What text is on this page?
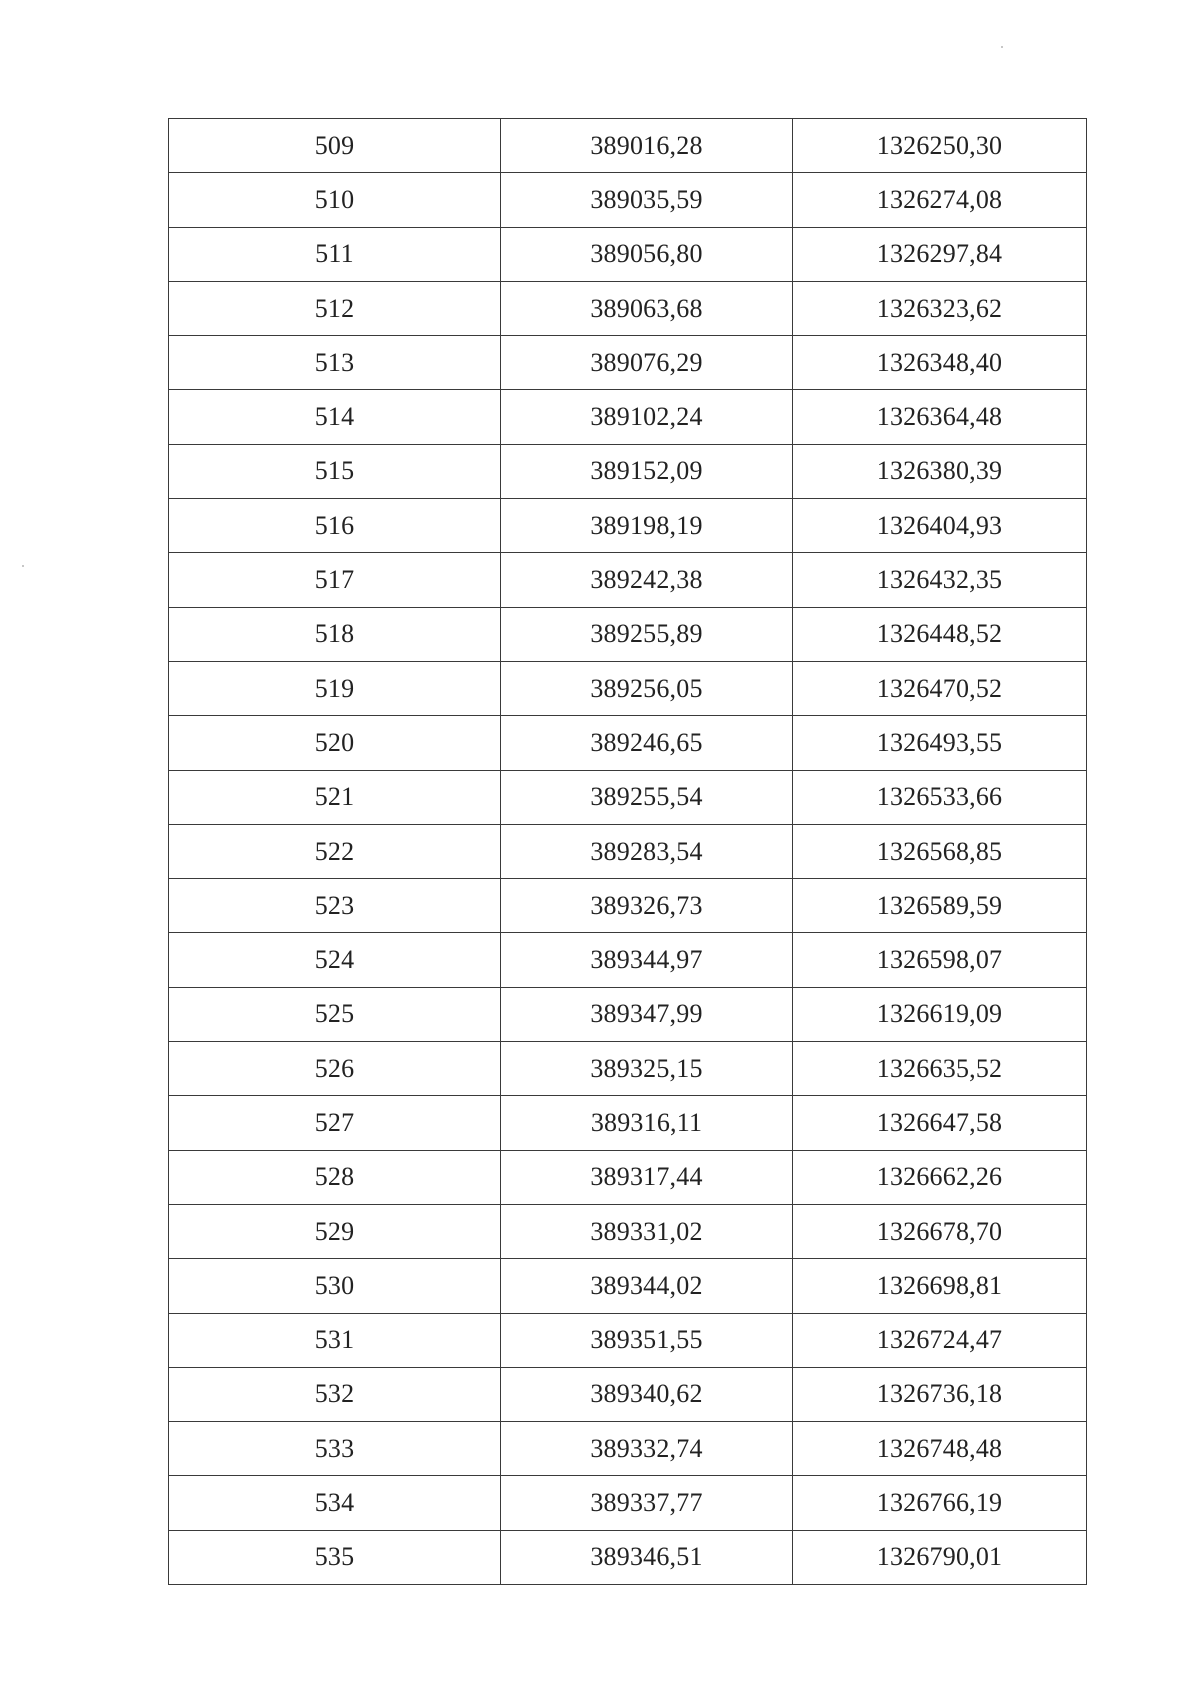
509	389016,28	1326250,30
510	389035,59	1326274,08
511	389056,80	1326297,84
512	389063,68	1326323,62
513	389076,29	1326348,40
514	389102,24	1326364,48
515	389152,09	1326380,39
516	389198,19	1326404,93
517	389242,38	1326432,35
518	389255,89	1326448,52
519	389256,05	1326470,52
520	389246,65	1326493,55
521	389255,54	1326533,66
522	389283,54	1326568,85
523	389326,73	1326589,59
524	389344,97	1326598,07
525	389347,99	1326619,09
526	389325,15	1326635,52
527	389316,11	1326647,58
528	389317,44	1326662,26
529	389331,02	1326678,70
530	389344,02	1326698,81
531	389351,55	1326724,47
532	389340,62	1326736,18
533	389332,74	1326748,48
534	389337,77	1326766,19
535	389346,51	1326790,01
